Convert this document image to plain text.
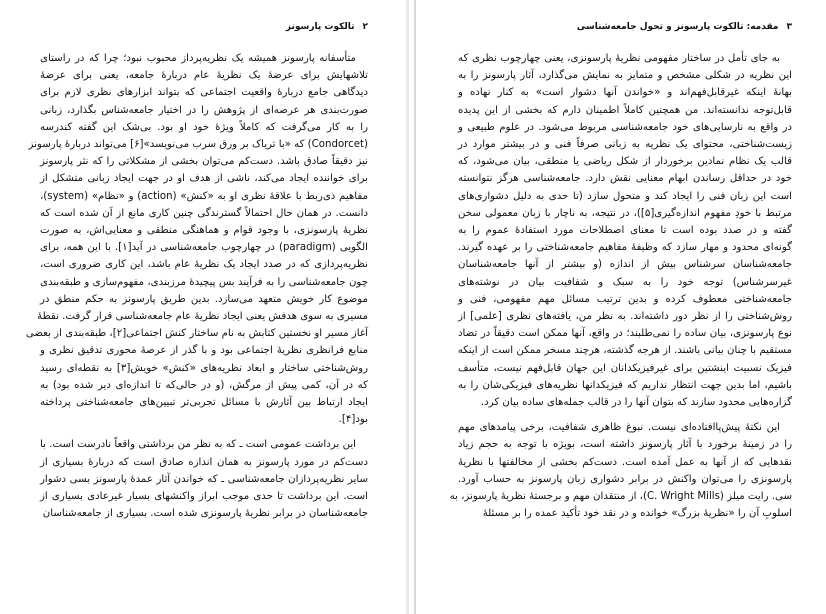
۳
مقدمه: تالکوت پارسونز و تحول جامعه‌شناسی
به جای تأمل در ساختار مفهومی نظریهٔ پارسونزی، یعنی چهارچوب نظری که
این نظریه در شکلی مشخص و متمایز به نمایش می‌گذارد، آثار پارسونز را به
بهانهٔ اینکه غیرقابل‌فهم‌اند و «خواندن آنها دشوار است» به کنار نهاده و
قابل‌توجه ندانسته‌اند. من همچنین کاملاً اطمینان دارم که بخشی از این پدیده
در واقع به نارسایی‌های خود جامعه‌شناسی مربوط می‌شود. در علوم طبیعی و
زیست‌شناختی، محتوای یک نظریه به زبانی صرفاً فنی و در بیشتر موارد در
قالب یک نظام نمادین برخوردار از شکل ریاضی یا منطقی، بیان می‌شود، که
خود در حداقل رساندن ابهام معنایی نقش دارد. جامعه‌شناسی هرگز نتوانسته
است این زبان فنی را ایجاد کند و متحول سازد (تا حدی به دلیل دشواری‌های
مرتبط با خودِ مفهوم اندازه‌گیری[۵])، در نتیجه، به ناچار با زبان معمولی سخن
گفته و در صدد بوده است تا معنای اصطلاحات مورد استفادهٔ عموم را به
گونه‌ای محدود و مهار سازد که وظیفهٔ مفاهیم جامعه‌شناختی را بر عهده گیرند.
جامعه‌شناسان سرشناس بیش از اندازه (و بیشتر از آنها جامعه‌شناسان
غیرسرشناس) توجه خود را به سبک و شفافیت بیان در نوشته‌های
جامعه‌شناختی معطوف کرده و بدین ترتیب مسائل مهم مفهومی، فنی و
روش‌شناختی را از نظر دور داشته‌اند. به نظر من، یافته‌های نظری [علمی] از
نوع پارسونزی، بیان ساده را نمی‌طلبند؛ در واقع، آنها ممکن است دقیقاً در تضاد
مستقیم با چنان بیانی باشند. از هرجه گذشته، هرچند مسخر ممکن است از اینکه
فیزیک نسبیت اینشتین برای غیرفیزیکدانان این جهان قابل‌فهم نیست، متأسف
باشیم، اما بدین جهت انتظار نداریم که فیزیکدانها نظریه‌های فیزیکی‌شان را به
گزاره‌هایی محدود سازند که بتوان آنها را در قالب جمله‌های ساده بیان کرد.
این نکتهٔ پیش‌پاافتاده‌ای نیست. نبوغ ظاهری شفافیت، برخی پیامدهای مهم
را در زمینهٔ برخورد با آثار پارسونز داشته است، بویژه با توجه به حجم زیاد
نقدهایی که از آنها به عمل آمده است. دست‌کم بخشی از مخالفتها با نظریهٔ
پارسونزی را می‌توان واکنش در برابر دشواری زبان پارسونز به حساب آورد.
سی. رایت میلز (C. Wright Mills)، از منتقدان مهم و برجستهٔ نظریهٔ پارسونز، به
اسلوبِ آن را «نظریهٔ بزرگ» خوانده و در نقد خود تأکید عمده را بر مسئلهٔ
۲
تالکوت پارسونز
متأسفانه پارسونز همیشه یک نظریه‌پرداز محبوب نبود؛ چرا که در راستای
تلاشهایش برای عرضهٔ یک نظریهٔ عام دربارهٔ جامعه، یعنی برای عرضهٔ
دیدگاهی جامع دربارهٔ واقعیت اجتماعی که بتواند ابزارهای نظری لازم برای
صورت‌بندی هر عرصه‌ای از پژوهش را در اختیار جامعه‌شناس بگذارد، زبانی
را به کار می‌گرفت که کاملاً ویژهٔ خود او بود. بی‌شک این گفته کندرسه
(Condorcet) که «با تریاک بر ورق سرب می‌نویسد»[۶] می‌تواند دربارهٔ پارسونز
نیز دقیقاً صادق باشد. دست‌کم می‌توان بخشی از مشکلاتی را که نثر پارسونز
برای خواننده ایجاد می‌کند، ناشی از هدف او در جهت ایجاد زبانی متشکل از
مفاهیم ذی‌ربط با علاقهٔ نظری او به «کنش» (action) و «نظام» (system)،
دانست. در همان حال احتمالاً گسترندگی چنین کاری مانع از آن شده است که
نظریهٔ پارسونزی، با وجود قوام و هماهنگی منطقی و معنایی‌اش، به صورت
الگویی (paradigm) در چهارچوب جامعه‌شناسی در آید[۱]. با این همه، برای
نظریه‌پردازی که در صدد ایجاد یک نظریهٔ عام باشد، این کاری ضروری است،
چون جامعه‌شناسی را به فرآیند بس پیچیدهٔ مرزبندی، مفهوم‌سازی و طبقه‌بندی
موضوع کار خویش متعهد می‌سازد. بدین طریق پارسونز به حکم منطق در
مسیری به سوی هدفش یعنی ایجاد نظریهٔ عام جامعه‌شناسی قرار گرفت. نقطهٔ
آغاز مسیر او نخستین کتابش به نام ساختار کنش اجتماعی[۲]، طبقه‌بندی از بعضی
منابع فرانظری نظریهٔ اجتماعی بود و با گذر از عرصهٔ محوری تدقیق نظری و
روش‌شناختی ساختار و ابعاد نظریه‌های «کنش» خویش[۳] به نقطه‌ای رسید
که در آن، کمی پیش از مرگش، (و در حالی‌که تا اندازه‌ای دیر شده بود) به
ایجاد ارتباط بین آثارش با مسائل تجربی‌تر تبیین‌های جامعه‌شناختی پرداخته
بود[۴].
این برداشت عمومی است ـ که به نظر من برداشتی واقعاً نادرست است. با
دست‌کم در مورد پارسونز به همان اندازه صادق است که دربارهٔ بسیاری از
سایر نظریه‌پردازان جامعه‌شناسی ـ که خواندن آثار عمدهٔ پارسونز بسی دشوار
است. این برداشت تا حدی موجب ابراز واکنشهای بسیار غیرعادی بسیاری از
جامعه‌شناسان در برابر نظریهٔ پارسونزی شده است. بسیاری از جامعه‌شناسان
